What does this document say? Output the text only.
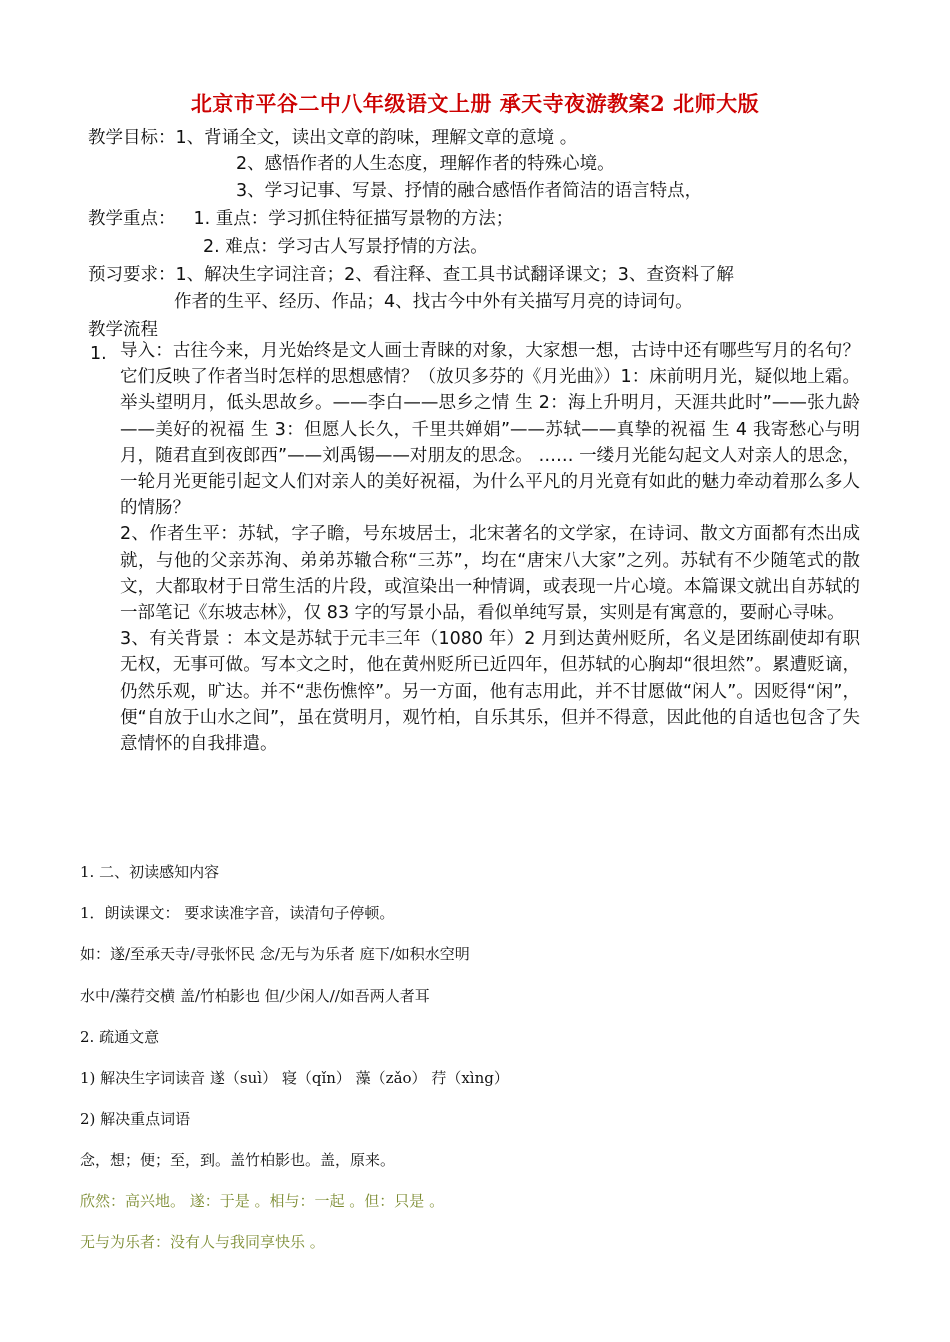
北京市平谷二中八年级语文上册 承天寺夜游教案2 北师大版
教学目标：1、背诵全文，读出文章的韵味，理解文章的意境 。
2、感悟作者的人生态度，理解作者的特殊心境。
3、学习记事、写景、抒情的融合感悟作者简洁的语言特点，
教学重点： 1. 重点：学习抓住特征描写景物的方法；
2. 难点：学习古人写景抒情的方法。
预习要求：1、解决生字词注音；2、看注释、查工具书试翻译课文；3、查资料了解
作者的生平、经历、作品；4、找古今中外有关描写月亮的诗词句。
教学流程
1. 导入：古往今来，月光始终是文人画士青睐的对象，大家想一想，古诗中还有哪些写月的名句？它们反映了作者当时怎样的思想感情？（放贝多芬的《月光曲》）1：床前明月光，疑似地上霜。举头望明月，低头思故乡。——李白——思乡之情 生 2：海上升明月，天涯共此时”——张九龄——美好的祝福 生 3：但愿人长久，千里共婵娟”——苏轼——真挚的祝福 生 4 我寄愁心与明月，随君直到夜郎西”——刘禹锡——对朋友的思念。 …… 一缕月光能勾起文人对亲人的思念，一轮月光更能引起文人们对亲人的美好祝福，为什么平凡的月光竟有如此的魅力牵动着那么多人的情肠？

2、作者生平：苏轼，字子瞻，号东坡居士，北宋著名的文学家，在诗词、散文方面都有杰出成就，与他的父亲苏洵、弟弟苏辙合称“三苏”，均在“唐宋八大家”之列。苏轼有不少随笔式的散文，大都取材于日常生活的片段，或渲染出一种情调，或表现一片心境。本篇课文就出自苏轼的一部笔记《东坡志林》，仅 83 字的写景小品，看似单纯写景，实则是有寓意的，要耐心寻味。

3、有关背景 ：本文是苏轼于元丰三年（1080 年）2 月到达黄州贬所，名义是团练副使却有职无权，无事可做。写本文之时，他在黄州贬所已近四年，但苏轼的心胸却“很坦然”。累遭贬谪，仍然乐观，旷达。并不“悲伤憔悴”。另一方面，他有志用此，并不甘愿做“闲人”。因贬得“闲”，便“自放于山水之间”，虽在赏明月，观竹柏，自乐其乐，但并不得意，因此他的自适也包含了失意情怀的自我排遣。

1. 二、初读感知内容
1．朗读课文： 要求读准字音，读清句子停顿。
如：遂/至承天寺/寻张怀民 念/无与为乐者 庭下/如积水空明
水中/藻荇交横 盖/竹柏影也 但/少闲人//如吾两人者耳
2. 疏通文意
1) 解决生字词读音 遂（suì） 寝（qǐn） 藻（zǎo） 荇（xìng）
2) 解决重点词语
念，想；便；至，到。盖竹柏影也。盖，原来。
欣然：高兴地。 遂：于是 。相与：一起 。但：只是 。
无与为乐者：没有人与我同享快乐 。
